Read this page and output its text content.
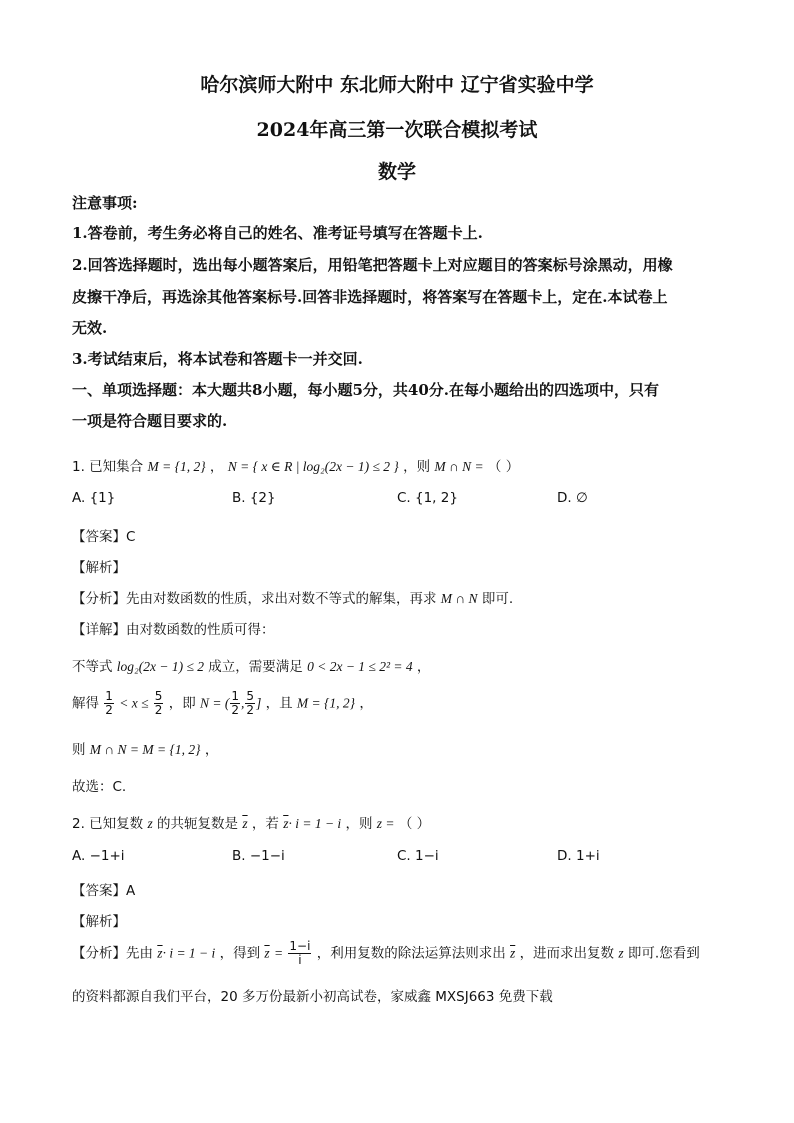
哈尔滨师大附中 东北师大附中 辽宁省实验中学
2024年高三第一次联合模拟考试
数学
注意事项:
1.答卷前，考生务必将自己的姓名、准考证号填写在答题卡上.
2.回答选择题时，选出每小题答案后，用铅笔把答题卡上对应题目的答案标号涂黑动，用橡
皮擦干净后，再选涂其他答案标号.回答非选择题时，将答案写在答题卡上，定在.本试卷上
无效.
3.考试结束后，将本试卷和答题卡一并交回.
一、单项选择题：本大题共8小题，每小题5分，共40分.在每小题给出的四选项中，只有
一项是符合题目要求的.
1. 已知集合 M = {1, 2} ， N = { x ∈ R | log₂(2x − 1) ≤ 2 } ，则 M ∩ N = （ ）
A. {1}	B. {2}	C. {1, 2}	D. ∅
【答案】C
【解析】
【分析】先由对数函数的性质，求出对数不等式的解集，再求 M ∩ N 即可.
【详解】由对数函数的性质可得：
不等式 log₂(2x − 1) ≤ 2 成立，需要满足 0 < 2x − 1 ≤ 2² = 4 ，
解得 $\frac{1}{2} < x \le \frac{5}{2}$ ，即 N = ( $\frac{1}{2}$ , $\frac{5}{2}$ ] ，且 M = {1, 2} ，
则 M ∩ N = M = {1, 2} ，
故选：C.
2. 已知复数 z 的共轭复数是 $\overline{z}$ ，若 $\overline{z}\cdot i = 1 - i$ ，则 z = （ ）
A. −1+i	B. −1−i	C. 1−i	D. 1+i
【答案】A
【解析】
【分析】先由 $\overline{z}\cdot i = 1 - i$ ，得到 $\overline{z} = \frac{1-i}{i}$ ，利用复数的除法运算法则求出 $\overline{z}$ ，进而求出复数 z 即可.您看到
的资料都源自我们平台，20 多万份最新小初高试卷，家威鑫 MXSJ663 免费下载
